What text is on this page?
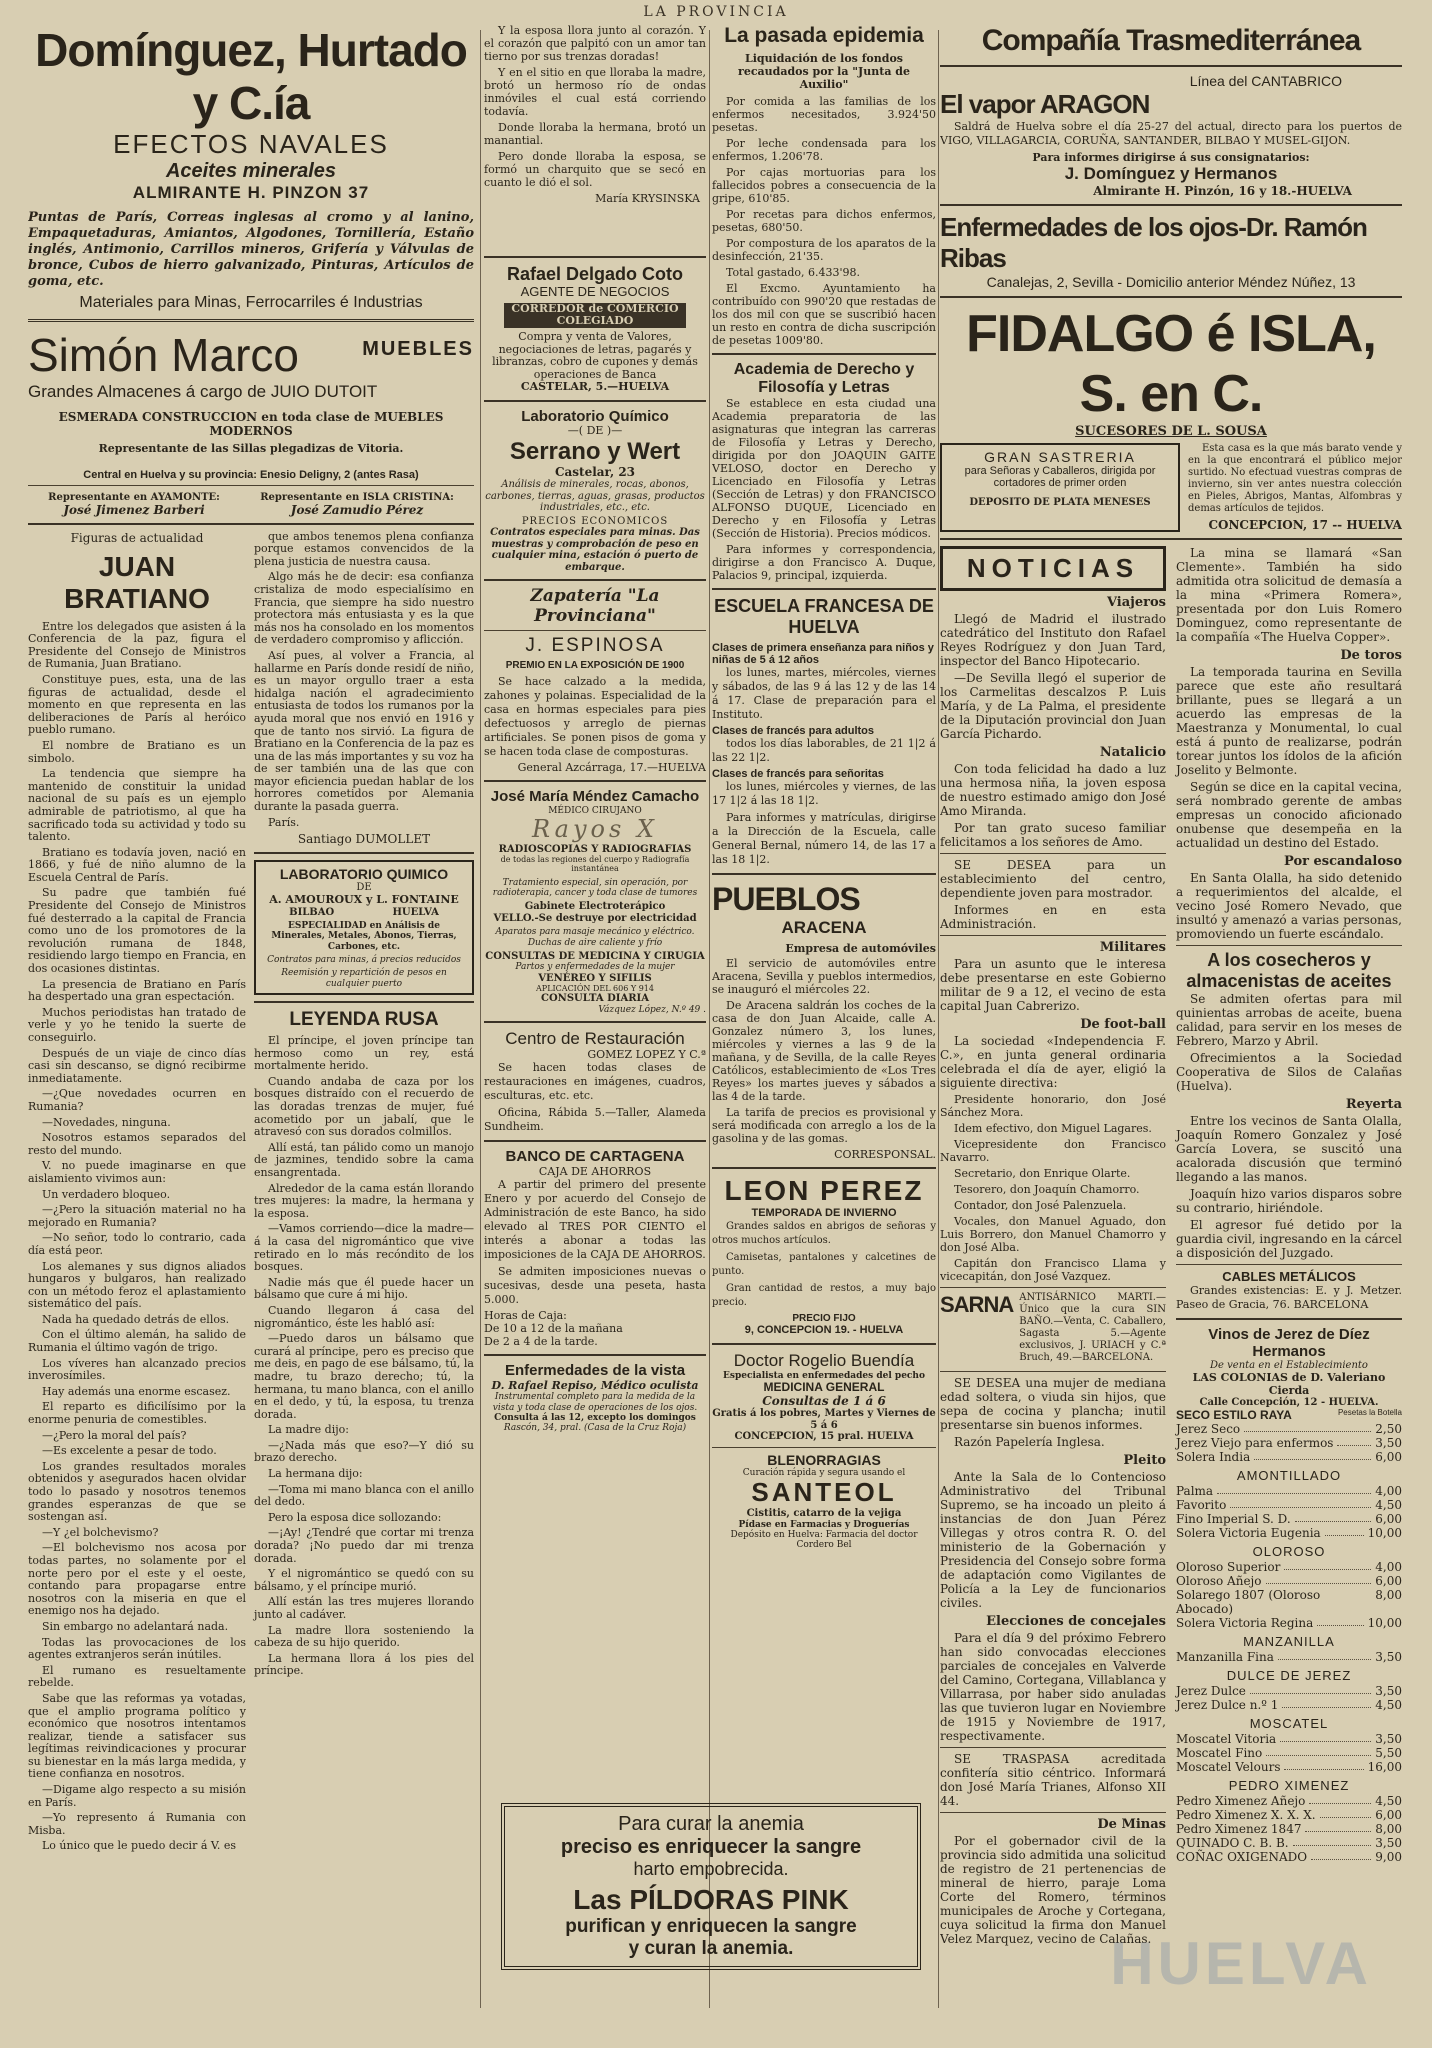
LA PROVINCIA
Domínguez, Hurtado y C.ía
EFECTOS NAVALES
Aceites minerales
ALMIRANTE H. PINZON 37

Puntas de París, Correas inglesas al cromo y al lanino, Empaquetaduras, Amiantos, Algodones, Tornillería, Estaño inglés, Antimonio, Carrillos mineros, Grifería y Válvulas de bronce, Cubos de hierro galvanizado, Pinturas, Artículos de goma, etc.

Materiales para Minas, Ferrocarriles é Industrias
Simón Marco	MUEBLES
Grandes Almacenes á cargo de JUIO DUTOIT
ESMERADA CONSTRUCCION en toda clase de MUEBLES MODERNOS
Representante de las Sillas plegadizas de Vitoria.
Central en Huelva y su provincia: Enesio Deligny, 2 (antes Rasa)
Representante en AYAMONTE:
José Jimenez Barberi
Representante en ISLA CRISTINA:
José Zamudio Pérez
Figuras de actualidad
JUAN BRATIANO

Entre los delegados que asisten á la Conferencia de la paz, figura el Presidente del Consejo de Ministros de Rumania, Juan Bratiano.

Constituye pues, esta, una de las figuras de actualidad, desde el momento en que representa en las deliberaciones de París al heróico pueblo rumano.

El nombre de Bratiano es un simbolo.

La tendencia que siempre ha mantenido de constituir la unidad nacional de su país es un ejemplo admirable de patriotismo, al que ha sacrificado toda su actividad y todo su talento.

Bratiano es todavía joven, nació en 1866, y fué de niño alumno de la Escuela Central de París.

Su padre que también fué Presidente del Consejo de Ministros fué desterrado a la capital de Francia como uno de los promotores de la revolución rumana de 1848, residiendo largo tiempo en Francia, en dos ocasiones distintas.

La presencia de Bratiano en París ha despertado una gran espectación.

Muchos periodistas han tratado de verle y yo he tenido la suerte de conseguirlo.

Después de un viaje de cinco días casi sin descanso, se dignó recibirme inmediatamente.

—¿Que novedades ocurren en Rumania?

—Novedades, ninguna.

Nosotros estamos separados del resto del mundo.

V. no puede imaginarse en que aislamiento vivimos aun:

Un verdadero bloqueo.

—¿Pero la situación material no ha mejorado en Rumania?

—No señor, todo lo contrario, cada día está peor.

Los alemanes y sus dignos aliados hungaros y bulgaros, han realizado con un método feroz el aplastamiento sistemático del país.

Nada ha quedado detrás de ellos.

Con el último alemán, ha salido de Rumania el último vagón de trigo.

Los víveres han alcanzado precios inverosímiles.

Hay además una enorme escasez.

El reparto es dificilísimo por la enorme penuria de comestibles.

—¿Pero la moral del país?

—Es excelente a pesar de todo.

Los grandes resultados morales obtenidos y asegurados hacen olvidar todo lo pasado y nosotros tenemos grandes esperanzas de que se sostengan así.

—Y ¿el bolchevismo?

—El bolchevismo nos acosa por todas partes, no solamente por el norte pero por el este y el oeste, contando para propagarse entre nosotros con la miseria en que el enemigo nos ha dejado.

Sin embargo no adelantará nada.

Todas las provocaciones de los agentes extranjeros serán inútiles.

El rumano es resueltamente rebelde.

Sabe que las reformas ya votadas, que el amplio programa político y económico que nosotros intentamos realizar, tiende a satisfacer sus legítimas reivindicaciones y procurar su bienestar en la más larga medida, y tiene confianza en nosotros.

—Digame algo respecto a su misión en París.

—Yo represento á Rumania con Misba.

Lo único que le puedo decir á V. es

que ambos tenemos plena confianza porque estamos convencidos de la plena justicia de nuestra causa.

Algo más he de decir: esa confianza cristaliza de modo especialísimo en Francia, que siempre ha sido nuestro protectora más entusiasta y es la que más nos ha consolado en los momentos de verdadero compromiso y aflicción.

Así pues, al volver a Francia, al hallarme en París donde residí de niño, es un mayor orgullo traer a esta hidalga nación el agradecimiento entusiasta de todos los rumanos por la ayuda moral que nos envió en 1916 y que de tanto nos sirvió. La figura de Bratiano en la Conferencia de la paz es una de las más importantes y su voz ha de ser también una de las que con mayor eficiencia puedan hablar de los horrores cometidos por Alemania durante la pasada guerra.

París.

Santiago DUMOLLET
LABORATORIO QUIMICO
DE
A. AMOUROUX y L. FONTAINE
BILBAO	HUELVA
ESPECIALIDAD en Análisis de Minerales, Metales, Abonos, Tierras, Carbones, etc.
Contratos para minas, á precios reducidos
Reemisión y repartición de pesos en cualquier puerto
LEYENDA RUSA

El príncipe, el joven príncipe tan hermoso como un rey, está mortalmente herido.

Cuando andaba de caza por los bosques distraído con el recuerdo de las doradas trenzas de mujer, fué acometido por un jabalí, que le atravesó con sus dorados colmillos.

Allí está, tan pálido como un manojo de jazmines, tendido sobre la cama ensangrentada.

Alrededor de la cama están llorando tres mujeres: la madre, la hermana y la esposa.

—Vamos corriendo—dice la madre—á la casa del nigromántico que vive retirado en lo más recóndito de los bosques.

Nadie más que él puede hacer un bálsamo que cure á mi hijo.

Cuando llegaron á casa del nigromántico, éste les habló así:

—Puedo daros un bálsamo que curará al príncipe, pero es preciso que me deis, en pago de ese bálsamo, tú, la madre, tu brazo derecho; tú, la hermana, tu mano blanca, con el anillo en el dedo, y tú, la esposa, tu trenza dorada.

La madre dijo:

—¿Nada más que eso?—Y dió su brazo derecho.

La hermana dijo:

—Toma mi mano blanca con el anillo del dedo.

Pero la esposa dice sollozando:

—¡Ay! ¿Tendré que cortar mi trenza dorada? ¡No puedo dar mi trenza dorada.

Y el nigromántico se quedó con su bálsamo, y el príncipe murió.

Allí están las tres mujeres llorando junto al cadáver.

La madre llora sosteniendo la cabeza de su hijo querido.

La hermana llora á los pies del príncipe.

Y la esposa llora junto al corazón. Y el corazón que palpitó con un amor tan tierno por sus trenzas doradas!

Y en el sitio en que lloraba la madre, brotó un hermoso río de ondas inmóviles el cual está corriendo todavía.

Donde lloraba la hermana, brotó un manantial.

Pero donde lloraba la esposa, se formó un charquito que se secó en cuanto le dió el sol.

María KRYSINSKA
Rafael Delgado Coto
AGENTE DE NEGOCIOS
CORREDOR de COMERCIO COLEGIADO
Compra y venta de Valores, negociaciones de letras, pagarés y libranzas, cobro de cupones y demás operaciones de Banca
CASTELAR, 5.—HUELVA
Laboratorio Químico
—( DE )—
Serrano y Wert
Castelar, 23
Análisis de minerales, rocas, abonos, carbones, tierras, aguas, grasas, productos industriales, etc., etc.
PRECIOS ECONOMICOS
Contratos especiales para minas. Das muestras y comprobación de peso en cualquier mina, estación ó puerto de embarque.
Zapatería "La Provinciana"
J. ESPINOSA
PREMIO EN LA EXPOSICIÓN DE 1900

Se hace calzado a la medida, zahones y polainas. Especialidad de la casa en hormas especiales para pies defectuosos y arreglo de piernas artificiales. Se ponen pisos de goma y se hacen toda clase de composturas.

General Azcárraga, 17.—HUELVA
José María Méndez Camacho
MÉDICO CIRUJANO
Rayos X
RADIOSCOPIAS Y RADIOGRAFIAS
de todas las regiones del cuerpo y Radiografía instantánea
Tratamiento especial, sin operación, por radioterapia, cancer y toda clase de tumores
Gabinete Electroterápico
VELLO.-Se destruye por electricidad
Aparatos para masaje mecánico y eléctrico. Duchas de aire caliente y frío
CONSULTAS DE MEDICINA Y CIRUGIA
Partos y enfermedades de la mujer
VENÉREO Y SIFILIS
APLICACIÓN DEL 606 Y 914
CONSULTA DIARIA
Vázquez López, N.º 49 .
Centro de Restauración
GOMEZ LOPEZ Y C.ª

Se hacen todas clases de restauraciones en imágenes, cuadros, esculturas, etc. etc.

Oficina, Rábida 5.—Taller, Alameda Sundheim.

BANCO DE CARTAGENA
CAJA DE AHORROS

A partir del primero del presente Enero y por acuerdo del Consejo de Administración de este Banco, ha sido elevado al TRES POR CIENTO el interés a abonar a todas las imposiciones de la CAJA DE AHORROS.

Se admiten imposiciones nuevas o sucesivas, desde una peseta, hasta 5.000.

Horas de Caja:
De 10 a 12 de la mañana
De 2 a 4 de la tarde.
Enfermedades de la vista
D. Rafael Repiso, Médico oculista
Instrumental completo para la medida de la vista y toda clase de operaciones de los ojos.
Consulta á las 12, excepto los domingos
Rascón, 34, pral. (Casa de la Cruz Roja)
La pasada epidemia
Liquidación de los fondos recaudados por la "Junta de Auxilio"

Por comida a las familias de los enfermos necesitados, 3.924'50 pesetas.

Por leche condensada para los enfermos, 1.206'78.

Por cajas mortuorias para los fallecidos pobres a consecuencia de la gripe, 610'85.

Por recetas para dichos enfermos, pesetas, 680'50.

Por compostura de los aparatos de la desinfección, 21'35.

Total gastado, 6.433'98.

El Excmo. Ayuntamiento ha contribuído con 990'20 que restadas de los dos mil con que se suscribió hacen un resto en contra de dicha suscripción de pesetas 1009'80.

Academia de Derecho y Filosofía y Letras

Se establece en esta ciudad una Academia preparatoria de las asignaturas que integran las carreras de Filosofía y Letras y Derecho, dirigida por don JOAQUIN GAITE VELOSO, doctor en Derecho y Licenciado en Filosofía y Letras (Sección de Letras) y don FRANCISCO ALFONSO DUQUE, Licenciado en Derecho y en Filosofía y Letras (Sección de Historia). Precios módicos.

Para informes y correspondencia, dirigirse a don Francisco A. Duque, Palacios 9, principal, izquierda.

ESCUELA FRANCESA DE HUELVA
Clases de primera enseñanza para niños y niñas de 5 á 12 años

los lunes, martes, miércoles, viernes y sábados, de las 9 á las 12 y de las 14 á 17. Clase de preparación para el Instituto.

Clases de francés para adultos

todos los días laborables, de 21 1|2 á las 22 1|2.

Clases de francés para señoritas

los lunes, miércoles y viernes, de las 17 1|2 á las 18 1|2.

Para informes y matrículas, dirigirse a la Dirección de la Escuela, calle General Bernal, número 14, de las 17 a las 18 1|2.

PUEBLOS
ARACENA
Empresa de automóviles

El servicio de automóviles entre Aracena, Sevilla y pueblos intermedios, se inauguró el miércoles 22.

De Aracena saldrán los coches de la casa de don Juan Alcaide, calle A. Gonzalez número 3, los lunes, miércoles y viernes a las 9 de la mañana, y de Sevilla, de la calle Reyes Católicos, establecimiento de «Los Tres Reyes» los martes jueves y sábados a las 4 de la tarde.

La tarifa de precios es provisional y será modificada con arreglo a los de la gasolina y de las gomas.

CORRESPONSAL.
LEON PEREZ
TEMPORADA DE INVIERNO

Grandes saldos en abrigos de señoras y otros muchos artículos.

Camisetas, pantalones y calcetines de punto.

Gran cantidad de restos, a muy bajo precio.

PRECIO FIJO
9, CONCEPCION 19. - HUELVA
Doctor Rogelio Buendía
Especialista en enfermedades del pecho
MEDICINA GENERAL
Consultas de 1 á 6
Gratis á los pobres, Martes y Viernes de 5 á 6
CONCEPCION, 15 pral. HUELVA
BLENORRAGIAS
Curación rápida y segura usando el
SANTEOL
Cistitis, catarro de la vejiga
Pídase en Farmacias y Droguerías
Depósito en Huelva: Farmacia del doctor Cordero Bel
Para curar la anemia
preciso es enriquecer la sangre
harto empobrecida.
Las PÍLDORAS PINK
purifican y enriquecen la sangre
y curan la anemia.
Compañía Trasmediterránea
Línea del CANTABRICO
El vapor ARAGON

Saldrá de Huelva sobre el día 25-27 del actual, directo para los puertos de VIGO, VILLAGARCIA, CORUÑA, SANTANDER, BILBAO Y MUSEL-GIJON.

Para informes dirigirse á sus consignatarios:
J. Domínguez y Hermanos
Almirante H. Pinzón, 16 y 18.-HUELVA
Enfermedades de los ojos-Dr. Ramón Ribas
Canalejas, 2, Sevilla - Domicilio anterior Méndez Núñez, 13
FIDALGO é ISLA, S. en C.
SUCESORES DE L. SOUSA
GRAN SASTRERIA
para Señoras y Caballeros, dirigida por cortadores de primer orden
DEPOSITO DE PLATA MENESES

Esta casa es la que más barato vende y en la que encontrará el público mejor surtido. No efectuad vuestras compras de invierno, sin ver antes nuestra colección en Pieles, Abrigos, Mantas, Alfombras y demas artículos de tejidos.

CONCEPCION, 17 -- HUELVA
NOTICIAS
Viajeros

Llegó de Madrid el ilustrado catedrático del Instituto don Rafael Reyes Rodríguez y don Juan Tard, inspector del Banco Hipotecario.

—De Sevilla llegó el superior de los Carmelitas descalzos P. Luis María, y de La Palma, el presidente de la Diputación provincial don Juan García Pichardo.

Natalicio

Con toda felicidad ha dado a luz una hermosa niña, la joven esposa de nuestro estimado amigo don José Amo Miranda.

Por tan grato suceso familiar felicitamos a los señores de Amo.

SE DESEA para un establecimiento del centro, dependiente joven para mostrador.

Informes en en esta Administración.

Militares

Para un asunto que le interesa debe presentarse en este Gobierno militar de 9 a 12, el vecino de esta capital Juan Cabrerizo.

De foot-ball

La sociedad «Independencia F. C.», en junta general ordinaria celebrada el día de ayer, eligió la siguiente directiva:

Presidente honorario, don José Sánchez Mora.

Idem efectivo, don Miguel Lagares.

Vicepresidente don Francisco Navarro.

Secretario, don Enrique Olarte.

Tesorero, don Joaquín Chamorro.

Contador, don José Palenzuela.

Vocales, don Manuel Aguado, don Luis Borrero, don Manuel Chamorro y don José Alba.

Capitán don Francisco Llama y vicecapitán, don José Vazquez.

SARNA ANTISÁRNICO MARTI.—Único que la cura SIN BAÑO.—Venta, C. Caballero, Sagasta 5.—Agente exclusivos, J. URIACH y C.ª Bruch, 49.—BARCELONA.

SE DESEA una mujer de mediana edad soltera, o viuda sin hijos, que sepa de cocina y plancha; inutil presentarse sin buenos informes.

Razón Papelería Inglesa.

Pleito

Ante la Sala de lo Contencioso Administrativo del Tribunal Supremo, se ha incoado un pleito á instancias de don Juan Pérez Villegas y otros contra R. O. del ministerio de la Gobernación y Presidencia del Consejo sobre forma de adaptación como Vigilantes de Policía a la Ley de funcionarios civiles.

Elecciones de concejales

Para el día 9 del próximo Febrero han sido convocadas elecciones parciales de concejales en Valverde del Camino, Cortegana, Villablanca y Villarrasa, por haber sido anuladas las que tuvieron lugar en Noviembre de 1915 y Noviembre de 1917, respectivamente.

SE TRASPASA acreditada confitería sitio céntrico. Informará don José María Trianes, Alfonso XII 44.

De Minas

Por el gobernador civil de la provincia sido admitida una solicitud de registro de 21 pertenencias de mineral de hierro, paraje Loma Corte del Romero, términos municipales de Aroche y Cortegana, cuya solicitud la firma don Manuel Velez Marquez, vecino de Calañas.

La mina se llamará «San Clemente». También ha sido admitida otra solicitud de demasía a la mina «Primera Romera», presentada por don Luis Romero Dominguez, como representante de la compañía «The Huelva Copper».

De toros

La temporada taurina en Sevilla parece que este año resultará brillante, pues se llegará a un acuerdo las empresas de la Maestranza y Monumental, lo cual está á punto de realizarse, podrán torear juntos los ídolos de la afición Joselito y Belmonte.

Según se dice en la capital vecina, será nombrado gerente de ambas empresas un conocido aficionado onubense que desempeña en la actualidad un destino del Estado.

Por escandaloso

En Santa Olalla, ha sido detenido a requerimientos del alcalde, el vecino José Romero Nevado, que insultó y amenazó a varias personas, promoviendo un fuerte escándalo.

A los cosecheros y almacenistas de aceites

Se admiten ofertas para mil quinientas arrobas de aceite, buena calidad, para servir en los meses de Febrero, Marzo y Abril.

Ofrecimientos a la Sociedad Cooperativa de Silos de Calañas (Huelva).

Reyerta

Entre los vecinos de Santa Olalla, Joaquín Romero Gonzalez y José García Lovera, se suscitó una acalorada discusión que terminó llegando a las manos.

Joaquín hizo varios disparos sobre su contrario, hiriéndole.

El agresor fué detido por la guardia civil, ingresando en la cárcel a disposición del Juzgado.

CABLES METÁLICOS

Grandes existencias: E. y J. Metzer. Paseo de Gracia, 76. BARCELONA

Vinos de Jerez de Díez Hermanos
De venta en el Establecimiento
LAS COLONIAS de D. Valeriano Cierda
Calle Concepción, 12 - HUELVA.
SECO ESTILO RAYA	Pesetas la Botella
Jerez Seco	2,50
Jerez Viejo para enfermos	3,50
Solera India	6,00
AMONTILLADO
Palma	4,00
Favorito	4,50
Fino Imperial S. D.	6,00
Solera Victoria Eugenia	10,00
OLOROSO
Oloroso Superior	4,00
Oloroso Añejo	6,00
Solarego 1807 (Oloroso Abocado)
8,00
Solera Victoria Regina	10,00
MANZANILLA
Manzanilla Fina	3,50
DULCE DE JEREZ
Jerez Dulce	3,50
Jerez Dulce n.º 1	4,50
MOSCATEL
Moscatel Vitoria	3,50
Moscatel Fino	5,50
Moscatel Velours	16,00
PEDRO XIMENEZ
Pedro Ximenez Añejo	4,50
Pedro Ximenez X. X. X.	6,00
Pedro Ximenez 1847	8,00
QUINADO C. B. B.	3,50
COÑAC OXIGENADO	9,00
HUELVA
